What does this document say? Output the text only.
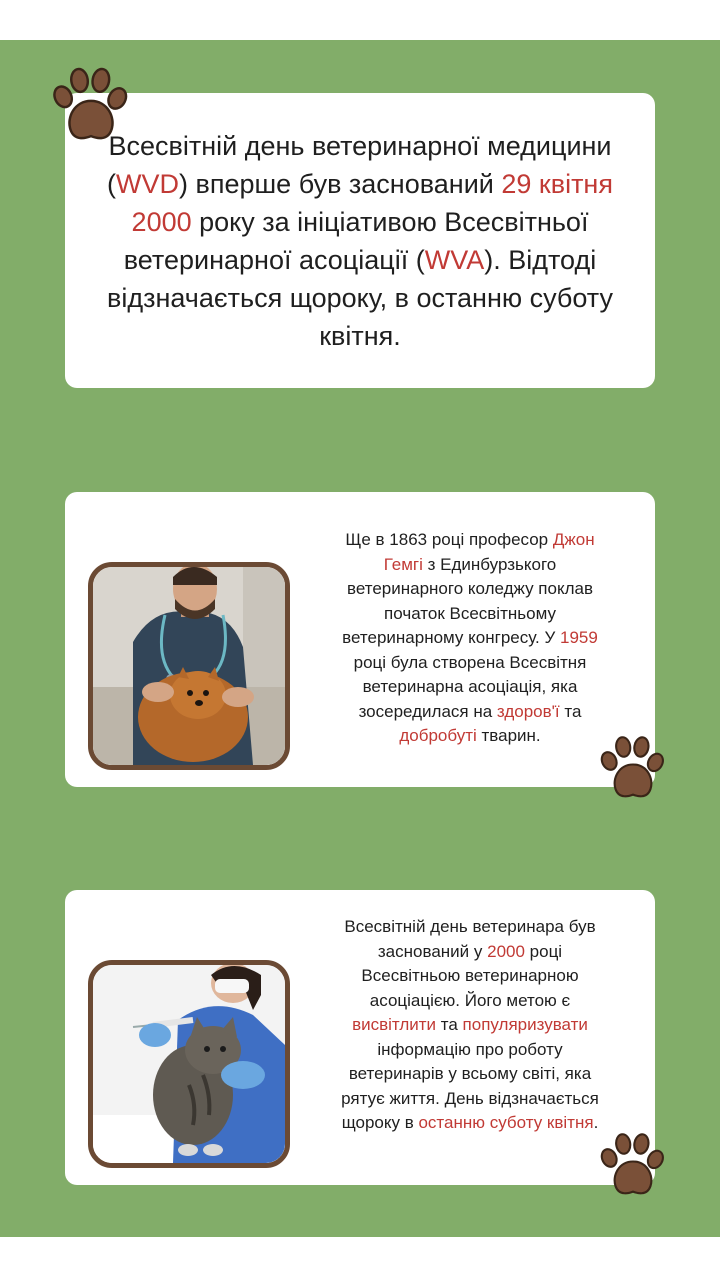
Всесвітній день ветеринарної медицини (WVD) вперше був заснований 29 квітня 2000 року за ініціативою Всесвітньої ветеринарної асоціації (WVA). Відтоді відзначається щороку, в останню суботу квітня.
Ще в 1863 році професор Джон Гемгі з Единбурзького ветеринарного коледжу поклав початок Всесвітньому ветеринарному конгресу. У 1959 році була створена Всесвітня ветеринарна асоціація, яка зосередилася на здоров'ї та добробуті тварин.
Всесвітній день ветеринара був заснований у 2000 році Всесвітньою ветеринарною асоціацією. Його метою є висвітлити та популяризувати інформацію про роботу ветеринарів у всьому світі, яка рятує життя. День відзначається щороку в останню суботу квітня.
